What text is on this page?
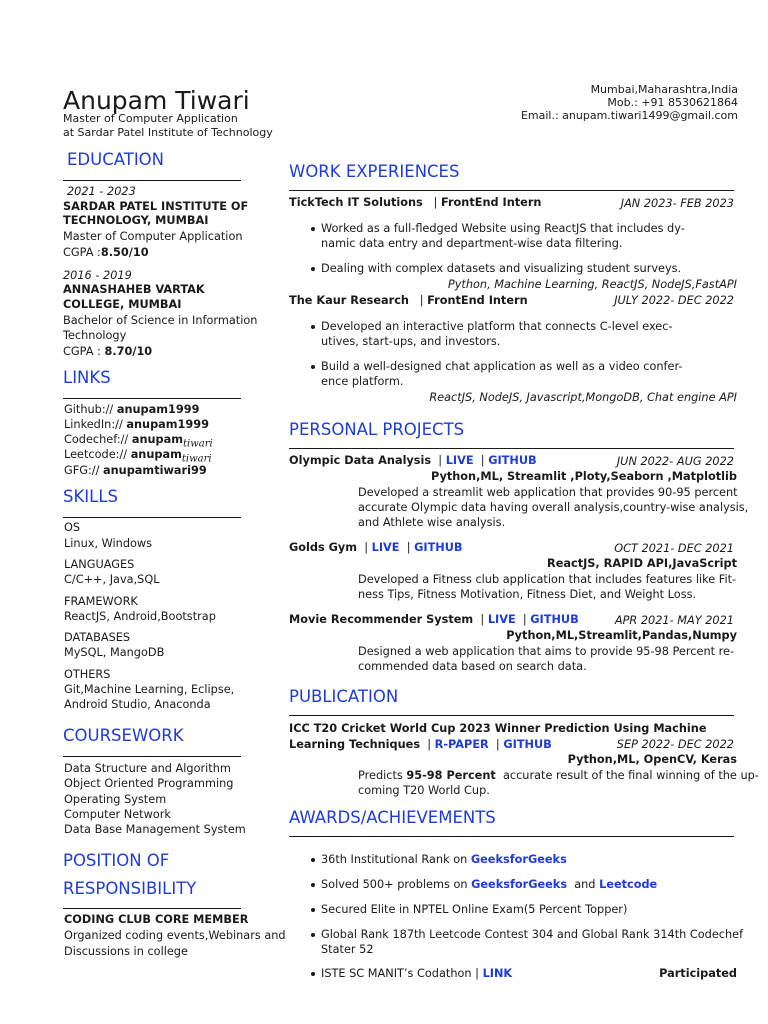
Anupam Tiwari
Master of Computer Application
at Sardar Patel Institute of Technology
Mumbai,Maharashtra,India
Mob.: +91 8530621864
Email.: anupam.tiwari1499@gmail.com
EDUCATION
2021 - 2023
SARDAR PATEL INSTITUTE OF
TECHNOLOGY, MUMBAI
Master of Computer Application
CGPA :8.50/10
2016 - 2019
ANNASHAHEB VARTAK
COLLEGE, MUMBAI
Bachelor of Science in Information
Technology
CGPA : 8.70/10
LINKS
Github:// anupam1999
LinkedIn:// anupam1999
Codechef:// anupam$_{tiwari}$
Leetcode:// anupam$_{tiwari}$
GFG:// anupamtiwari99
SKILLS
OS
Linux, Windows
LANGUAGES
C/C++, Java,SQL
FRAMEWORK
ReactJS, Android,Bootstrap
DATABASES
MySQL, MangoDB
OTHERS
Git,Machine Learning, Eclipse,
Android Studio, Anaconda
COURSEWORK
Data Structure and Algorithm
Object Oriented Programming
Operating System
Computer Network
Data Base Management System
POSITION OF
RESPONSIBILITY
CODING CLUB CORE MEMBER
Organized coding events,Webinars and
Discussions in college
WORK EXPERIENCES
TickTech IT Solutions | FrontEnd Intern	JAN 2023- FEB 2023
Worked as a full-fledged Website using ReactJS that includes dy-
namic data entry and department-wise data filtering.
Dealing with complex datasets and visualizing student surveys.
Python, Machine Learning, ReactJS, NodeJS,FastAPI
The Kaur Research | FrontEnd Intern	JULY 2022- DEC 2022
Developed an interactive platform that connects C-level exec-
utives, start-ups, and investors.
Build a well-designed chat application as well as a video confer-
ence platform.
ReactJS, NodeJS, Javascript,MongoDB, Chat engine API
PERSONAL PROJECTS
Olympic Data Analysis  | LIVE  | GITHUB	JUN 2022- AUG 2022
Python,ML, Streamlit ,Ploty,Seaborn ,Matplotlib
Developed a streamlit web application that provides 90-95 percent
accurate Olympic data having overall analysis,country-wise analysis,
and Athlete wise analysis.
Golds Gym  | LIVE  | GITHUB	OCT 2021- DEC 2021
ReactJS, RAPID API,JavaScript
Developed a Fitness club application that includes features like Fit-
ness Tips, Fitness Motivation, Fitness Diet, and Weight Loss.
Movie Recommender System  | LIVE  | GITHUB	APR 2021- MAY 2021
Python,ML,Streamlit,Pandas,Numpy
Designed a web application that aims to provide 95-98 Percent re-
commended data based on search data.
PUBLICATION
ICC T20 Cricket World Cup 2023 Winner Prediction Using Machine
Learning Techniques  | R-PAPER  | GITHUB	SEP 2022- DEC 2022
Python,ML, OpenCV, Keras
Predicts 95-98 Percent  accurate result of the final winning of the up-
coming T20 World Cup.
AWARDS/ACHIEVEMENTS
36th Institutional Rank on GeeksforGeeks
Solved 500+ problems on GeeksforGeeks  and Leetcode
Secured Elite in NPTEL Online Exam(5 Percent Topper)
Global Rank 187th Leetcode Contest 304 and Global Rank 314th Codechef
Stater 52
ISTE SC MANIT’s Codathon | LINK	Participated
